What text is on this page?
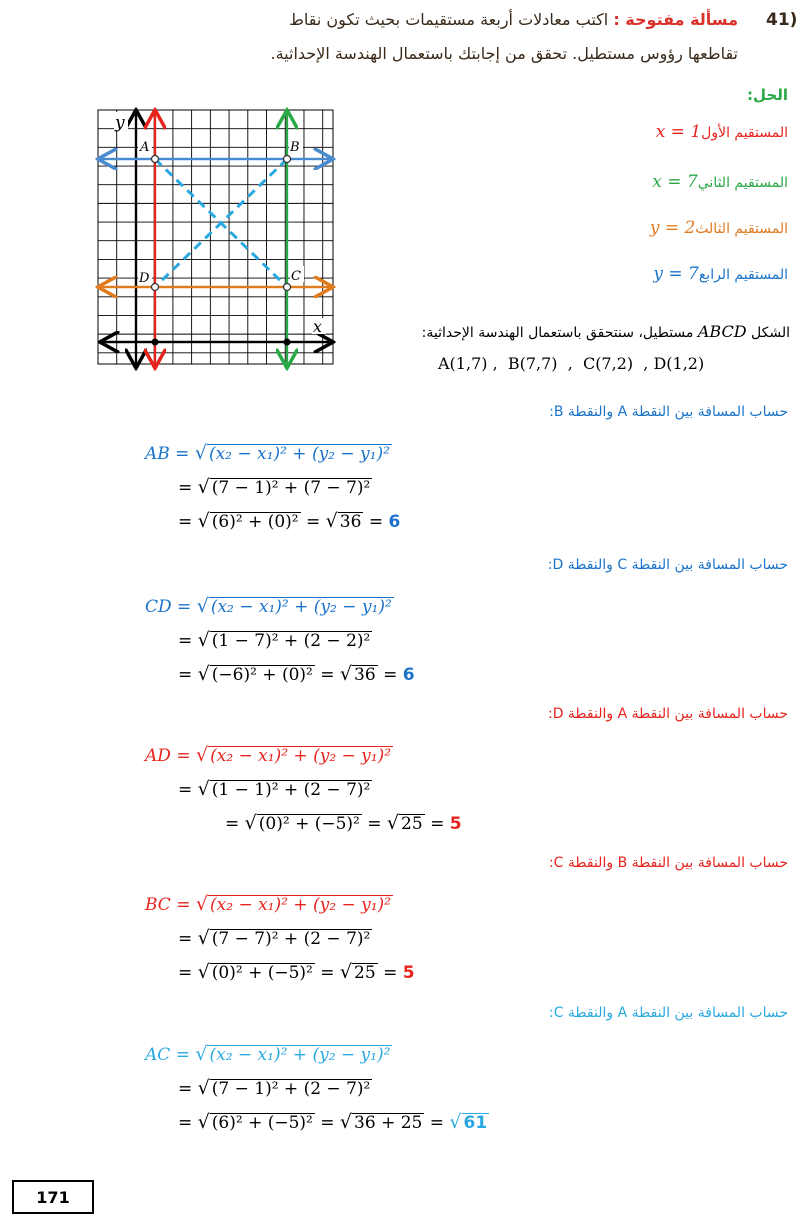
41)
مسألة مفتوحة : اكتب معادلات أربعة مستقيمات بحيث تكون نقاط
تقاطعها رؤوس مستطيل. تحقق من إجابتك باستعمال الهندسة الإحداثية.
الحل:
المستقيم الأولx = 1
المستقيم الثانيx = 7
المستقيم الثالثy = 2
المستقيم الرابعy = 7
الشكل ABCD مستطيل، سنتحقق باستعمال الهندسة الإحداثية:
A(1,7) ,  B(7,7)  ,  C(7,2)  , D(1,2)
A	B
C
D
x
y
حساب المسافة بين النقطة A والنقطة B:
AB = √ (x₂ − x₁)² + (y₂ − y₁)²
= √ (7 − 1)² + (7 − 7)²
= √ (6)² + (0)² = √ 36 = 6
حساب المسافة بين النقطة C والنقطة D:
CD = √ (x₂ − x₁)² + (y₂ − y₁)²
= √ (1 − 7)² + (2 − 2)²
= √ (−6)² + (0)² = √ 36 = 6
حساب المسافة بين النقطة A والنقطة D:
AD = √ (x₂ − x₁)² + (y₂ − y₁)²
= √ (1 − 1)² + (2 − 7)²
= √ (0)² + (−5)² = √ 25 = 5
حساب المسافة بين النقطة B والنقطة C:
BC = √ (x₂ − x₁)² + (y₂ − y₁)²
= √ (7 − 7)² + (2 − 7)²
= √ (0)² + (−5)² = √ 25 = 5
حساب المسافة بين النقطة A والنقطة C:
AC = √ (x₂ − x₁)² + (y₂ − y₁)²
= √ (7 − 1)² + (2 − 7)²
= √ (6)² + (−5)² = √ 36 + 25 = √ 61
171
